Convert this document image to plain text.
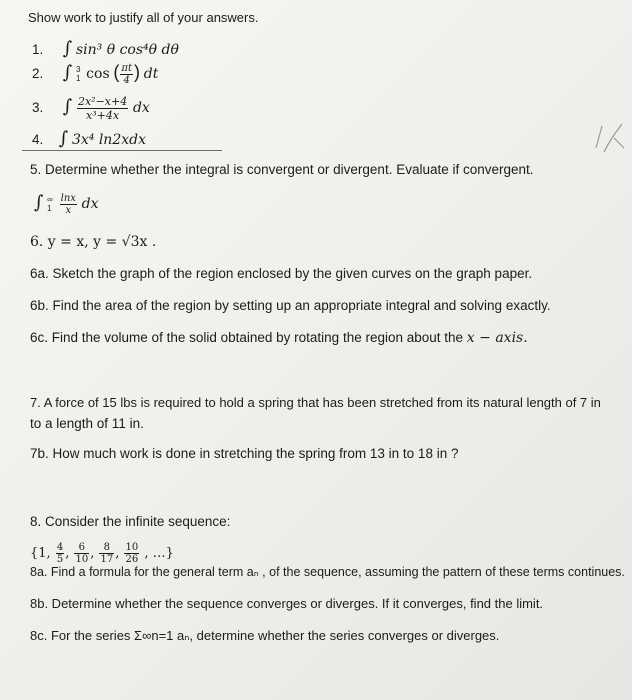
Show work to justify all of your answers.
1. ∫ sin³ θ cos⁴θ dθ
2. ∫ 3
1 cos ( $\frac{\pi t}{4}$ ) dt
3. ∫ $\frac{\text{2x²−x+4}}{\text{x³+4x}}$ dx
4. ∫ 3x⁴ ln2xdx
5. Determine whether the integral is convergent or divergent. Evaluate if convergent.
∫ ∞
1
$\frac{\ln x}{x}$ dx
6. y = x, y = √3x .
6a. Sketch the graph of the region enclosed by the given curves on the graph paper.
6b. Find the area of the region by setting up an appropriate integral and solving exactly.
6c. Find the volume of the solid obtained by rotating the region about the x − axis.
7. A force of 15 lbs is required to hold a spring that has been stretched from its natural length of 7 in
to a length of 11 in.
7b. How much work is done in stretching the spring from 13 in to 18 in ?
8. Consider the infinite sequence:
{1, $\frac{4}{5}$ , $\frac{6}{10}$ , $\frac{8}{17}$ , $\frac{10}{26}$ , …}
8a. Find a formula for the general term aₙ , of the sequence, assuming the pattern of these terms continues.
8b. Determine whether the sequence converges or diverges. If it converges, find the limit.
8c. For the series Σ∞n=1 aₙ, determine whether the series converges or diverges.
